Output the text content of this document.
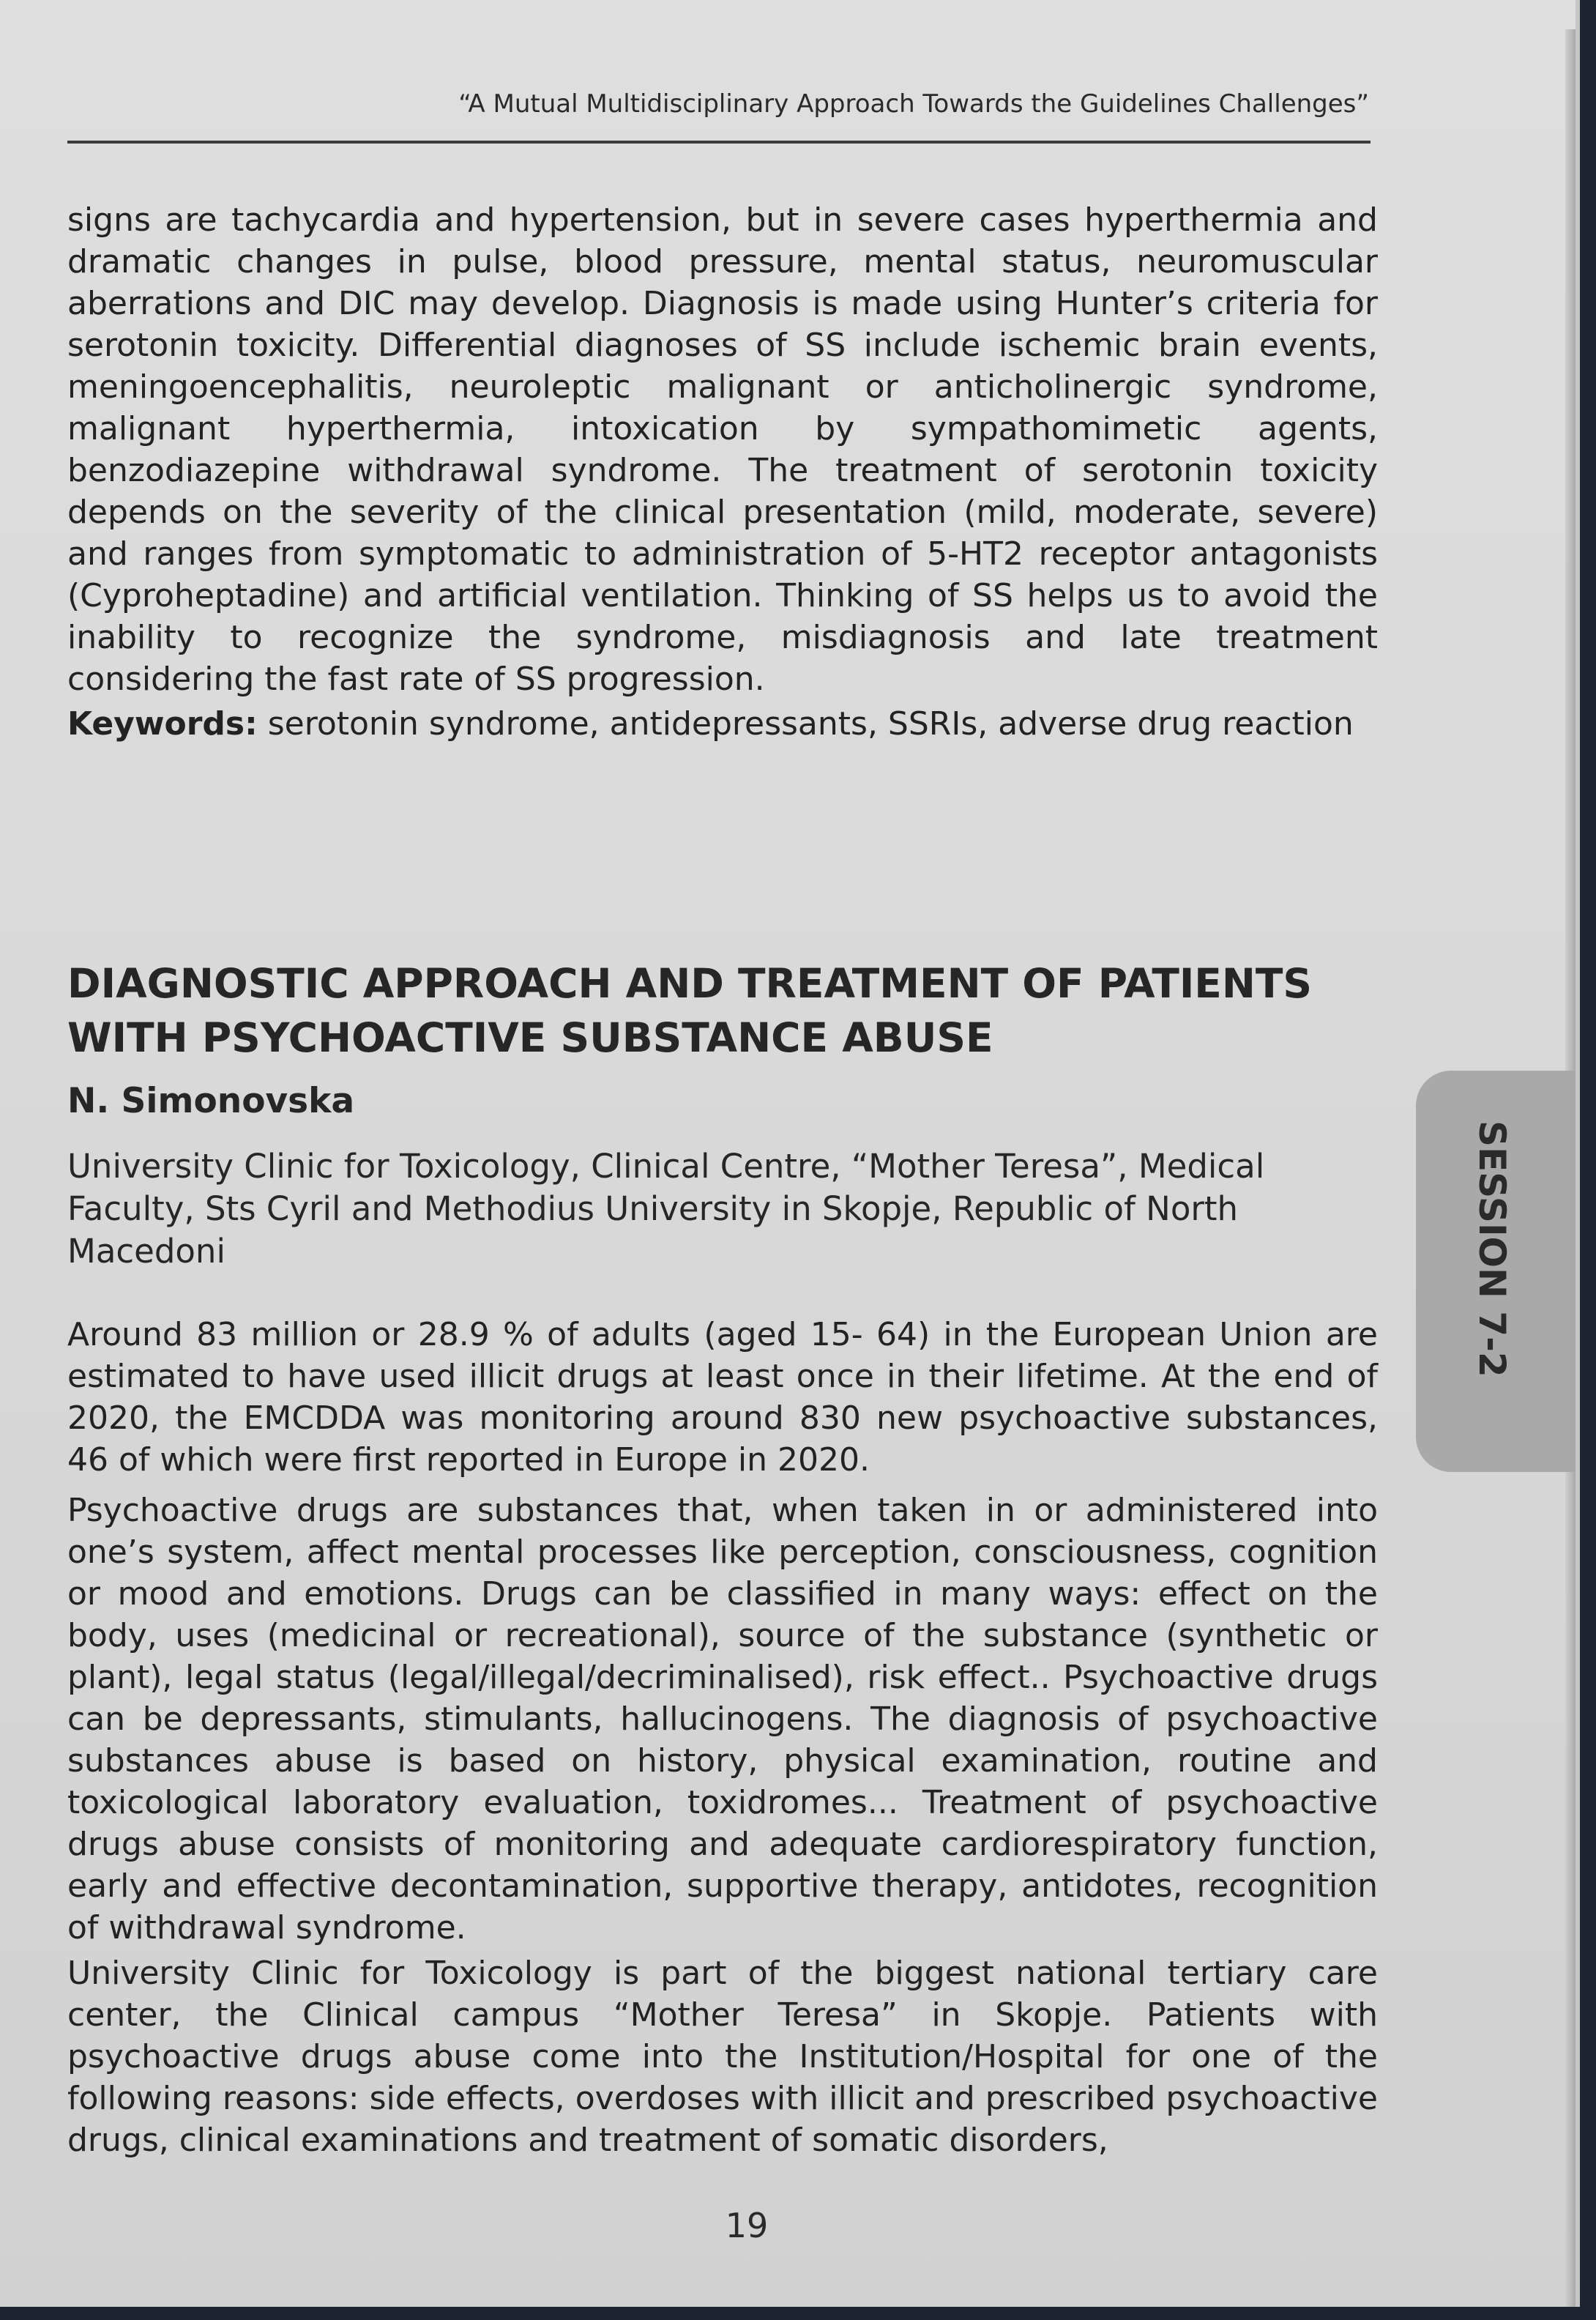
“A Mutual Multidisciplinary Approach Towards the Guidelines Challenges”

signs are tachycardia and hypertension, but in severe cases hyperthermia and dramatic changes in pulse, blood pressure, mental status, neuromuscular aberrations and DIC may develop. Diagnosis is made using Hunter’s criteria for serotonin toxicity. Differential diagnoses of SS include ischemic brain events, meningoencephalitis, neuroleptic malignant or anticholinergic syndrome, malignant hyperthermia, intoxication by sympathomimetic agents, benzodiazepine withdrawal syndrome. The treatment of serotonin toxicity depends on the severity of the clinical presentation (mild, moderate, severe) and ranges from symptomatic to administration of 5-HT2 receptor antagonists (Cyproheptadine) and artificial ventilation. Thinking of SS helps us to avoid the inability to recognize the syndrome, misdiagnosis and late treatment considering the fast rate of SS progression.

Keywords: serotonin syndrome, antidepressants, SSRIs, adverse drug reaction

DIAGNOSTIC APPROACH AND TREATMENT OF PATIENTS WITH PSYCHOACTIVE SUBSTANCE ABUSE

N. Simonovska

University Clinic for Toxicology, Clinical Centre, “Mother Teresa”, Medical Faculty, Sts Cyril and Methodius University in Skopje, Republic of North Macedoni

Around 83 million or 28.9 % of adults (aged 15- 64) in the European Union are estimated to have used illicit drugs at least once in their lifetime. At the end of 2020, the EMCDDA was monitoring around 830 new psychoactive substances, 46 of which were first reported in Europe in 2020.

Psychoactive drugs are substances that, when taken in or administered into one’s system, affect mental processes like perception, consciousness, cognition or mood and emotions. Drugs can be classified in many ways: effect on the body, uses (medicinal or recreational), source of the substance (synthetic or plant), legal status (legal/illegal/decriminalised), risk effect.. Psychoactive drugs can be depressants, stimulants, hallucinogens. The diagnosis of psychoactive substances abuse is based on history, physical examination, routine and toxicological laboratory evaluation, toxidromes... Treatment of psychoactive drugs abuse consists of monitoring and adequate cardiorespiratory function, early and effective decontamination, supportive therapy, antidotes, recognition of withdrawal syndrome.

University Clinic for Toxicology is part of the biggest national tertiary care center, the Clinical campus “Mother Teresa” in Skopje. Patients with psychoactive drugs abuse come into the Institution/Hospital for one of the following reasons: side effects, overdoses with illicit and prescribed psychoactive drugs, clinical examinations and treatment of somatic disorders,

19
SESSION 7-2
